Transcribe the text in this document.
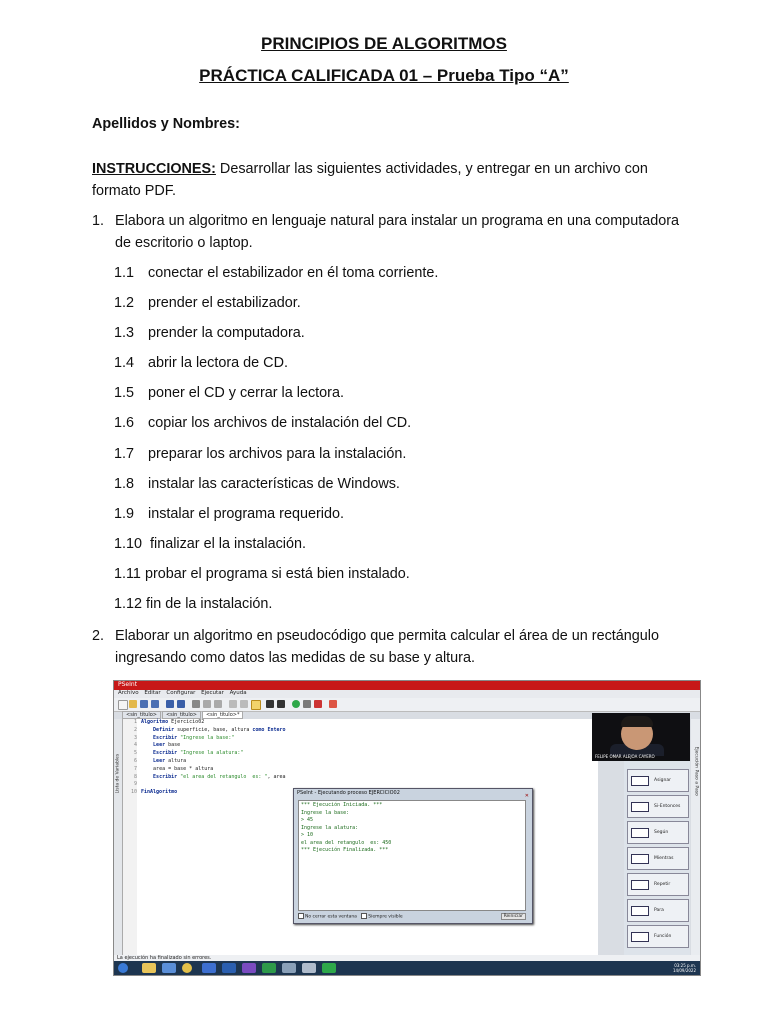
PRINCIPIOS DE ALGORITMOS
PRÁCTICA CALIFICADA 01 – Prueba Tipo “A”
Apellidos y Nombres:
INSTRUCCIONES: Desarrollar las siguientes actividades, y entregar en un archivo con
formato PDF.
1. Elabora un algoritmo en lenguaje natural para instalar un programa en una computadora
de escritorio o laptop.
1.1 conectar el estabilizador en él toma corriente.
1.2 prender el estabilizador.
1.3 prender la computadora.
1.4 abrir la lectora de CD.
1.5 poner el CD y cerrar la lectora.
1.6 copiar los archivos de instalación del CD.
1.7 preparar los archivos para la instalación.
1.8 instalar las características de Windows.
1.9 instalar el programa requerido.
1.10 finalizar el la instalación.
1.11 probar el programa si está bien instalado.
1.12 fin de la instalación.
2. Elaborar un algoritmo en pseudocódigo que permita calcular el área de un rectángulo
ingresando como datos las medidas de su base y altura.
PSeInt
Archivo Editar Configurar Ejecutar Ayuda
<sin_titulo> <sin_titulo> <sin_titulo>*
Lista de Variables
1
2
3
4
5
6
7
8
9
10
Algoritmo Ejercicio02
Definir superficie, base, altura como Entero
Escribir "Ingrese la base:"
Leer base
Escribir "Ingrese la alatura:"
Leer altura
area = base * altura
Escribir "el area del retangulo  es: ", area

FinAlgoritmo	PSeInt - Ejecutando proceso EJERCICIO02	✕
*** Ejecución Iniciada. ***
Ingrese la base:
> 45
Ingrese la alatura:
> 10
el area del retangulo  es: 450
*** Ejecución Finalizada. ***
No cerrar esta ventana	Siempre visible	Reiniciar
Asignar
Si-Entonces
Según
Mientras
Repetir
Para
Función
Ejecución Paso a Paso
FELIPE OMAR ALEJOA CAYERO
La ejecución ha finalizado sin errores.
03:25 p.m.
14/09/2022
